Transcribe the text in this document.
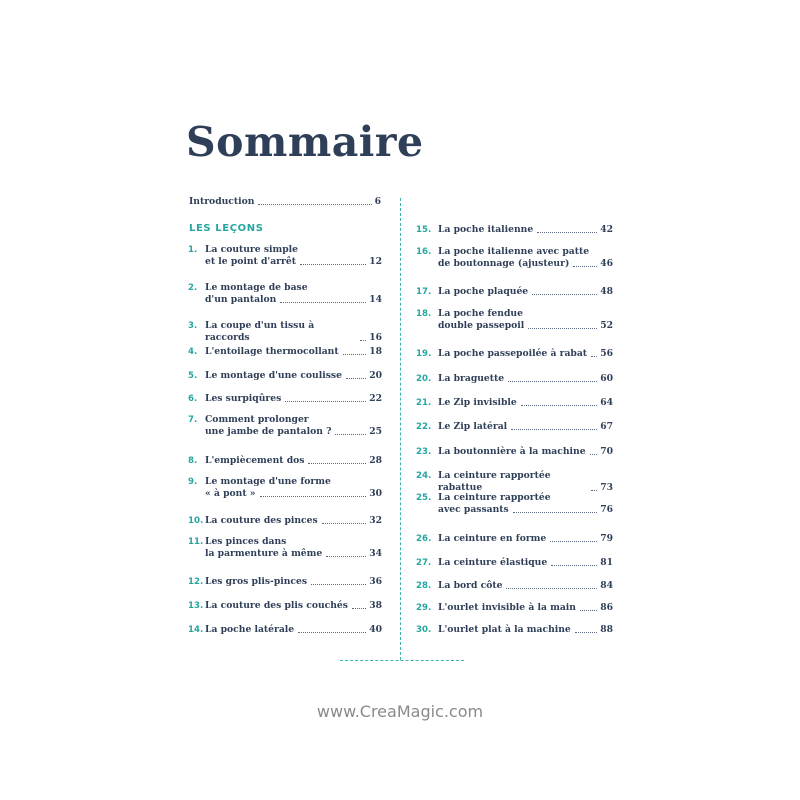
Sommaire
Introduction	6
LES LEÇONS
1. La couture simple
et le point d'arrêt	12
2. Le montage de base
d'un pantalon	14
3. La coupe d'un tissu à raccords	16
4. L'entoilage thermocollant	18
5. Le montage d'une coulisse	20
6. Les surpiqûres	22
7. Comment prolonger
une jambe de pantalon ?	25
8. L'empiècement dos	28
9. Le montage d'une forme
« à pont »	30
10. La couture des pinces	32
11. Les pinces dans
la parmenture à même	34
12. Les gros plis-pinces	36
13. La couture des plis couchés 38
14. La poche latérale	40
15. La poche italienne	42
16. La poche italienne avec patte
de boutonnage (ajusteur)	46
17. La poche plaquée	48
18. La poche fendue
double passepoil	52
19. La poche passepoilée à rabat 56
20. La braguette	60
21. Le Zip invisible	64
22. Le Zip latéral	67
23. La boutonnière à la machine 70
24. La ceinture rapportée rabattue	73
25. La ceinture rapportée
avec passants	76
26. La ceinture en forme	79
27. La ceinture élastique	81
28. La bord côte	84
29. L'ourlet invisible à la main	86
30. L'ourlet plat à la machine	88
www.CreaMagic.com
